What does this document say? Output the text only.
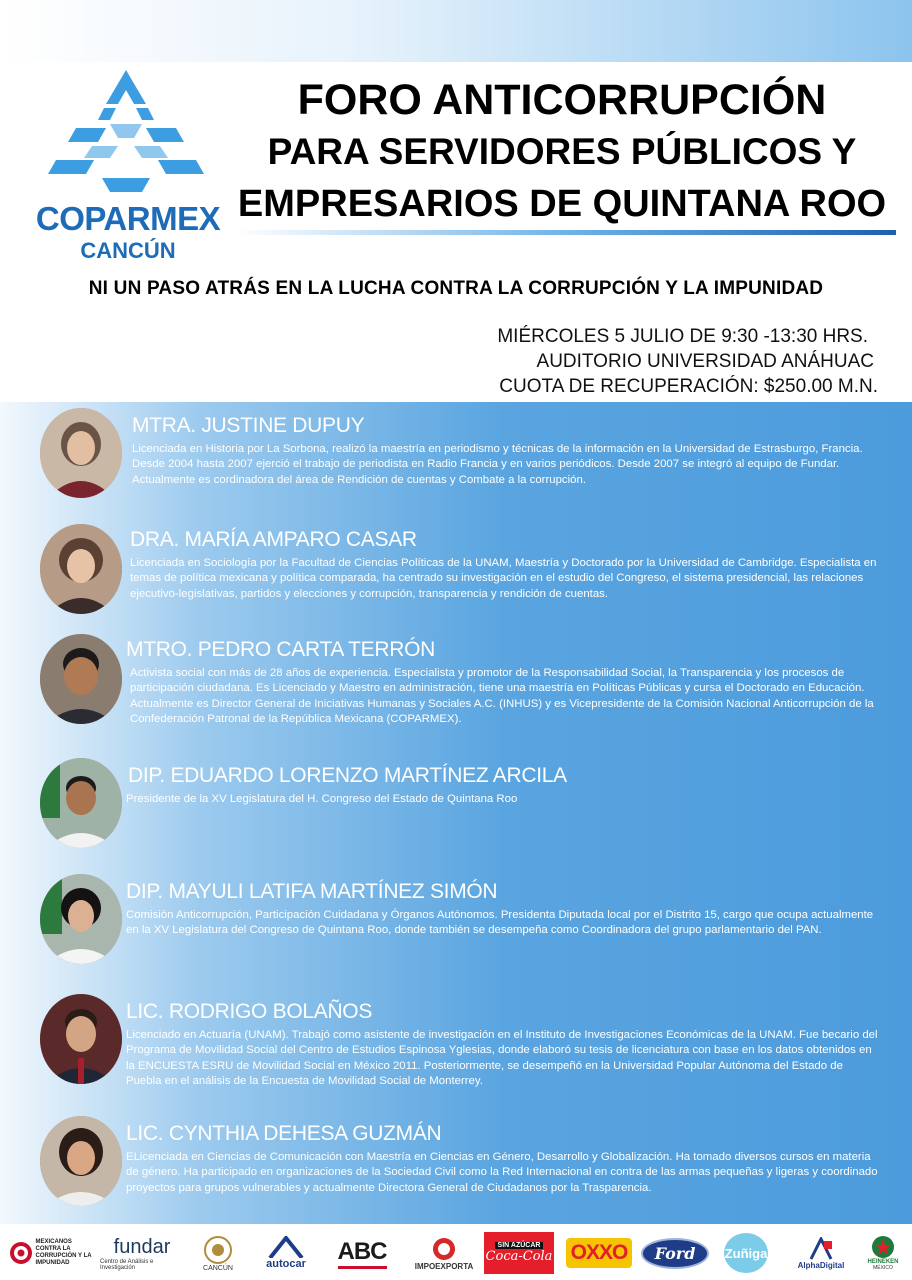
COPARMEX
CANCÚN
FORO ANTICORRUPCIÓN
PARA SERVIDORES PÚBLICOS Y
EMPRESARIOS DE QUINTANA ROO
NI UN PASO ATRÁS EN LA LUCHA CONTRA LA CORRUPCIÓN Y LA IMPUNIDAD
MIÉRCOLES 5 JULIO DE 9:30 -13:30 HRS.
AUDITORIO UNIVERSIDAD ANÁHUAC
CUOTA DE RECUPERACIÓN: $250.00 M.N.
MTRA. JUSTINE DUPUY
Licenciada en Historia por La Sorbona, realizó la maestría en periodismo y técnicas de la información en la Universidad de Estrasburgo, Francia. Desde 2004 hasta 2007 ejerció el trabajo de periodista en Radio Francia y en varios periódicos. Desde 2007 se integró al equipo de Fundar. Actualmente es cordinadora del área de Rendición de cuentas y Combate a la corrupción.
DRA. MARÍA AMPARO CASAR
Licenciada en Sociología por la Facultad de Ciencias Políticas de la UNAM, Maestría y Doctorado por la Universidad de Cambridge. Especialista en temas de política mexicana y política comparada, ha centrado su investigación en el estudio del Congreso, el sistema presidencial, las relaciones ejecutivo-legislativas, partidos y elecciones y corrupción, transparencia y rendición de cuentas.
MTRO. PEDRO CARTA TERRÓN
Activista social con más de 28 años de experiencia. Especialista y promotor de la Responsabilidad Social, la Transparencia y los procesos de participación ciudadana. Es Licenciado y Maestro en administración, tiene una maestría en Políticas Públicas y cursa el Doctorado en Educación. Actualmente es Director General de Iniciativas Humanas y Sociales A.C. (INHUS) y es Vicepresidente de la Comisión Nacional Anticorrupción de la Confederación Patronal de la República Mexicana (COPARMEX).
DIP. EDUARDO LORENZO MARTÍNEZ ARCILA
Presidente de la XV Legislatura del H. Congreso del Estado de Quintana Roo
DIP. MAYULI LATIFA MARTÍNEZ SIMÓN
Comisión Anticorrupción, Participación Cuidadana y Órganos Autónomos. Presidenta Diputada local por el Distrito 15, cargo que ocupa actualmente en la XV Legislatura del Congreso de Quintana Roo, donde también se desempeña como Coordinadora del grupo parlamentario del PAN.
LIC. RODRIGO BOLAÑOS
Licenciado en Actuaría (UNAM). Trabajó como asistente de investigación en el Instituto de Investigaciones Económicas de la UNAM. Fue becario del Programa de Movilidad Social del Centro de Estudios Espinosa Yglesias, donde elaboró su tesis de licenciatura con base en los datos obtenidos en la ENCUESTA ESRU de Movilidad Social en México 2011. Posteriormente, se desempeñó en la Universidad Popular Autónoma del Estado de Puebla en el análisis de la Encuesta de Movilidad Social de Monterrey.
LIC. CYNTHIA DEHESA GUZMÁN
ELicenciada en Ciencias de Comunicación con Maestría en Ciencias en Género, Desarrollo y Globalización. Ha tomado diversos cursos en materia de género. Ha participado en organizaciones de la Sociedad Civil como la Red Internacional en contra de las armas pequeñas y ligeras y coordinado proyectos para grupos vulnerables y actualmente Directora General de Ciudadanos por la Trasparencia.
MEXICANOS CONTRA LA CORRUPCIÓN Y LA IMPUNIDAD
fundar
Centro de Análisis e Investigación	CANCÚN	autocar ABC
IMPOEXPORTA
SIN AZÚCAR
Coca-Cola OXXO	Ford	Zuñiga
AlphaDigital	HEINEKEN
MÉXICO
